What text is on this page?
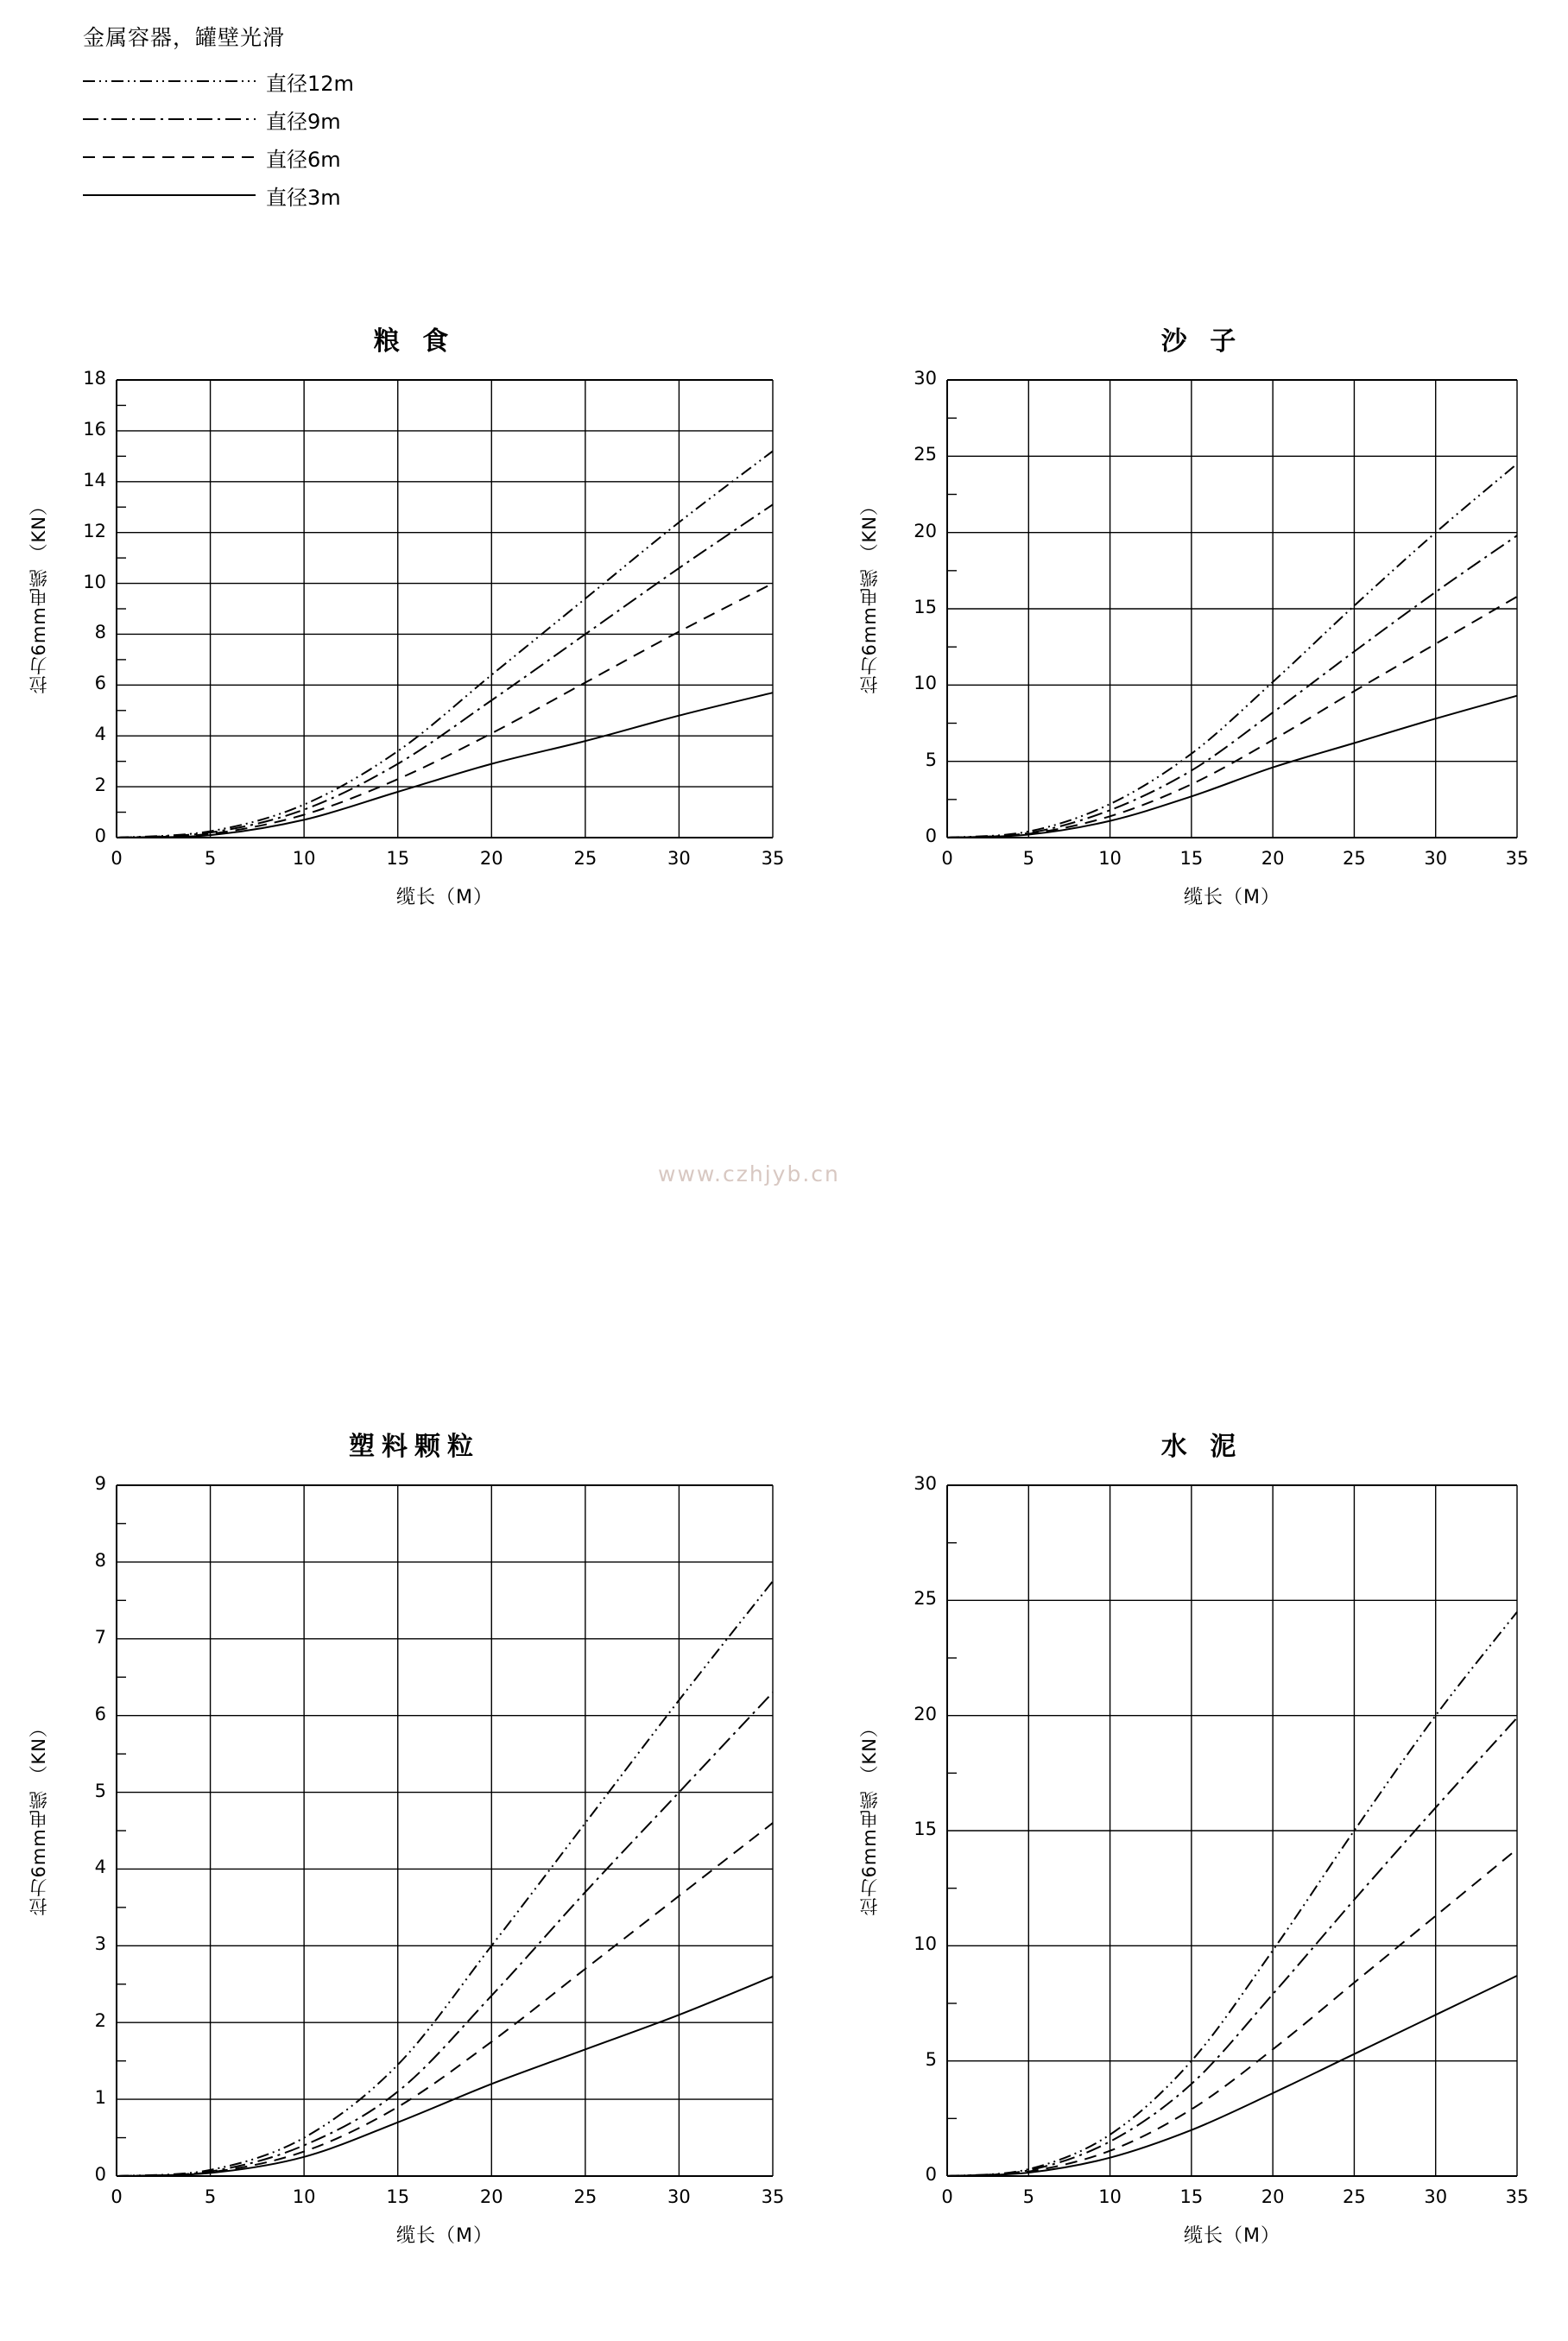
金属容器，罐壁光滑
直径12m
直径9m
直径6m
直径3m
粮 食
0
2
4
6
8
10
12
14
16
18
0	5	10	15	20	25	30	35
缆长（M）
拉力6mm电缆 （KN）
沙 子
0
5
10
15
20
25
30
0	5	10	15	20	25	30	35
缆长（M）
拉力6mm电缆 （KN）
塑料颗粒
0
1
2
3
4
5
6
7
8
9
0	5	10	15	20	25	30	35
缆长（M）
拉力6mm电缆 （KN）
水 泥
0
5
10
15
20
25
30
0	5	10	15	20	25	30	35
缆长（M）
拉力6mm电缆 （KN）
www.czhjyb.cn
